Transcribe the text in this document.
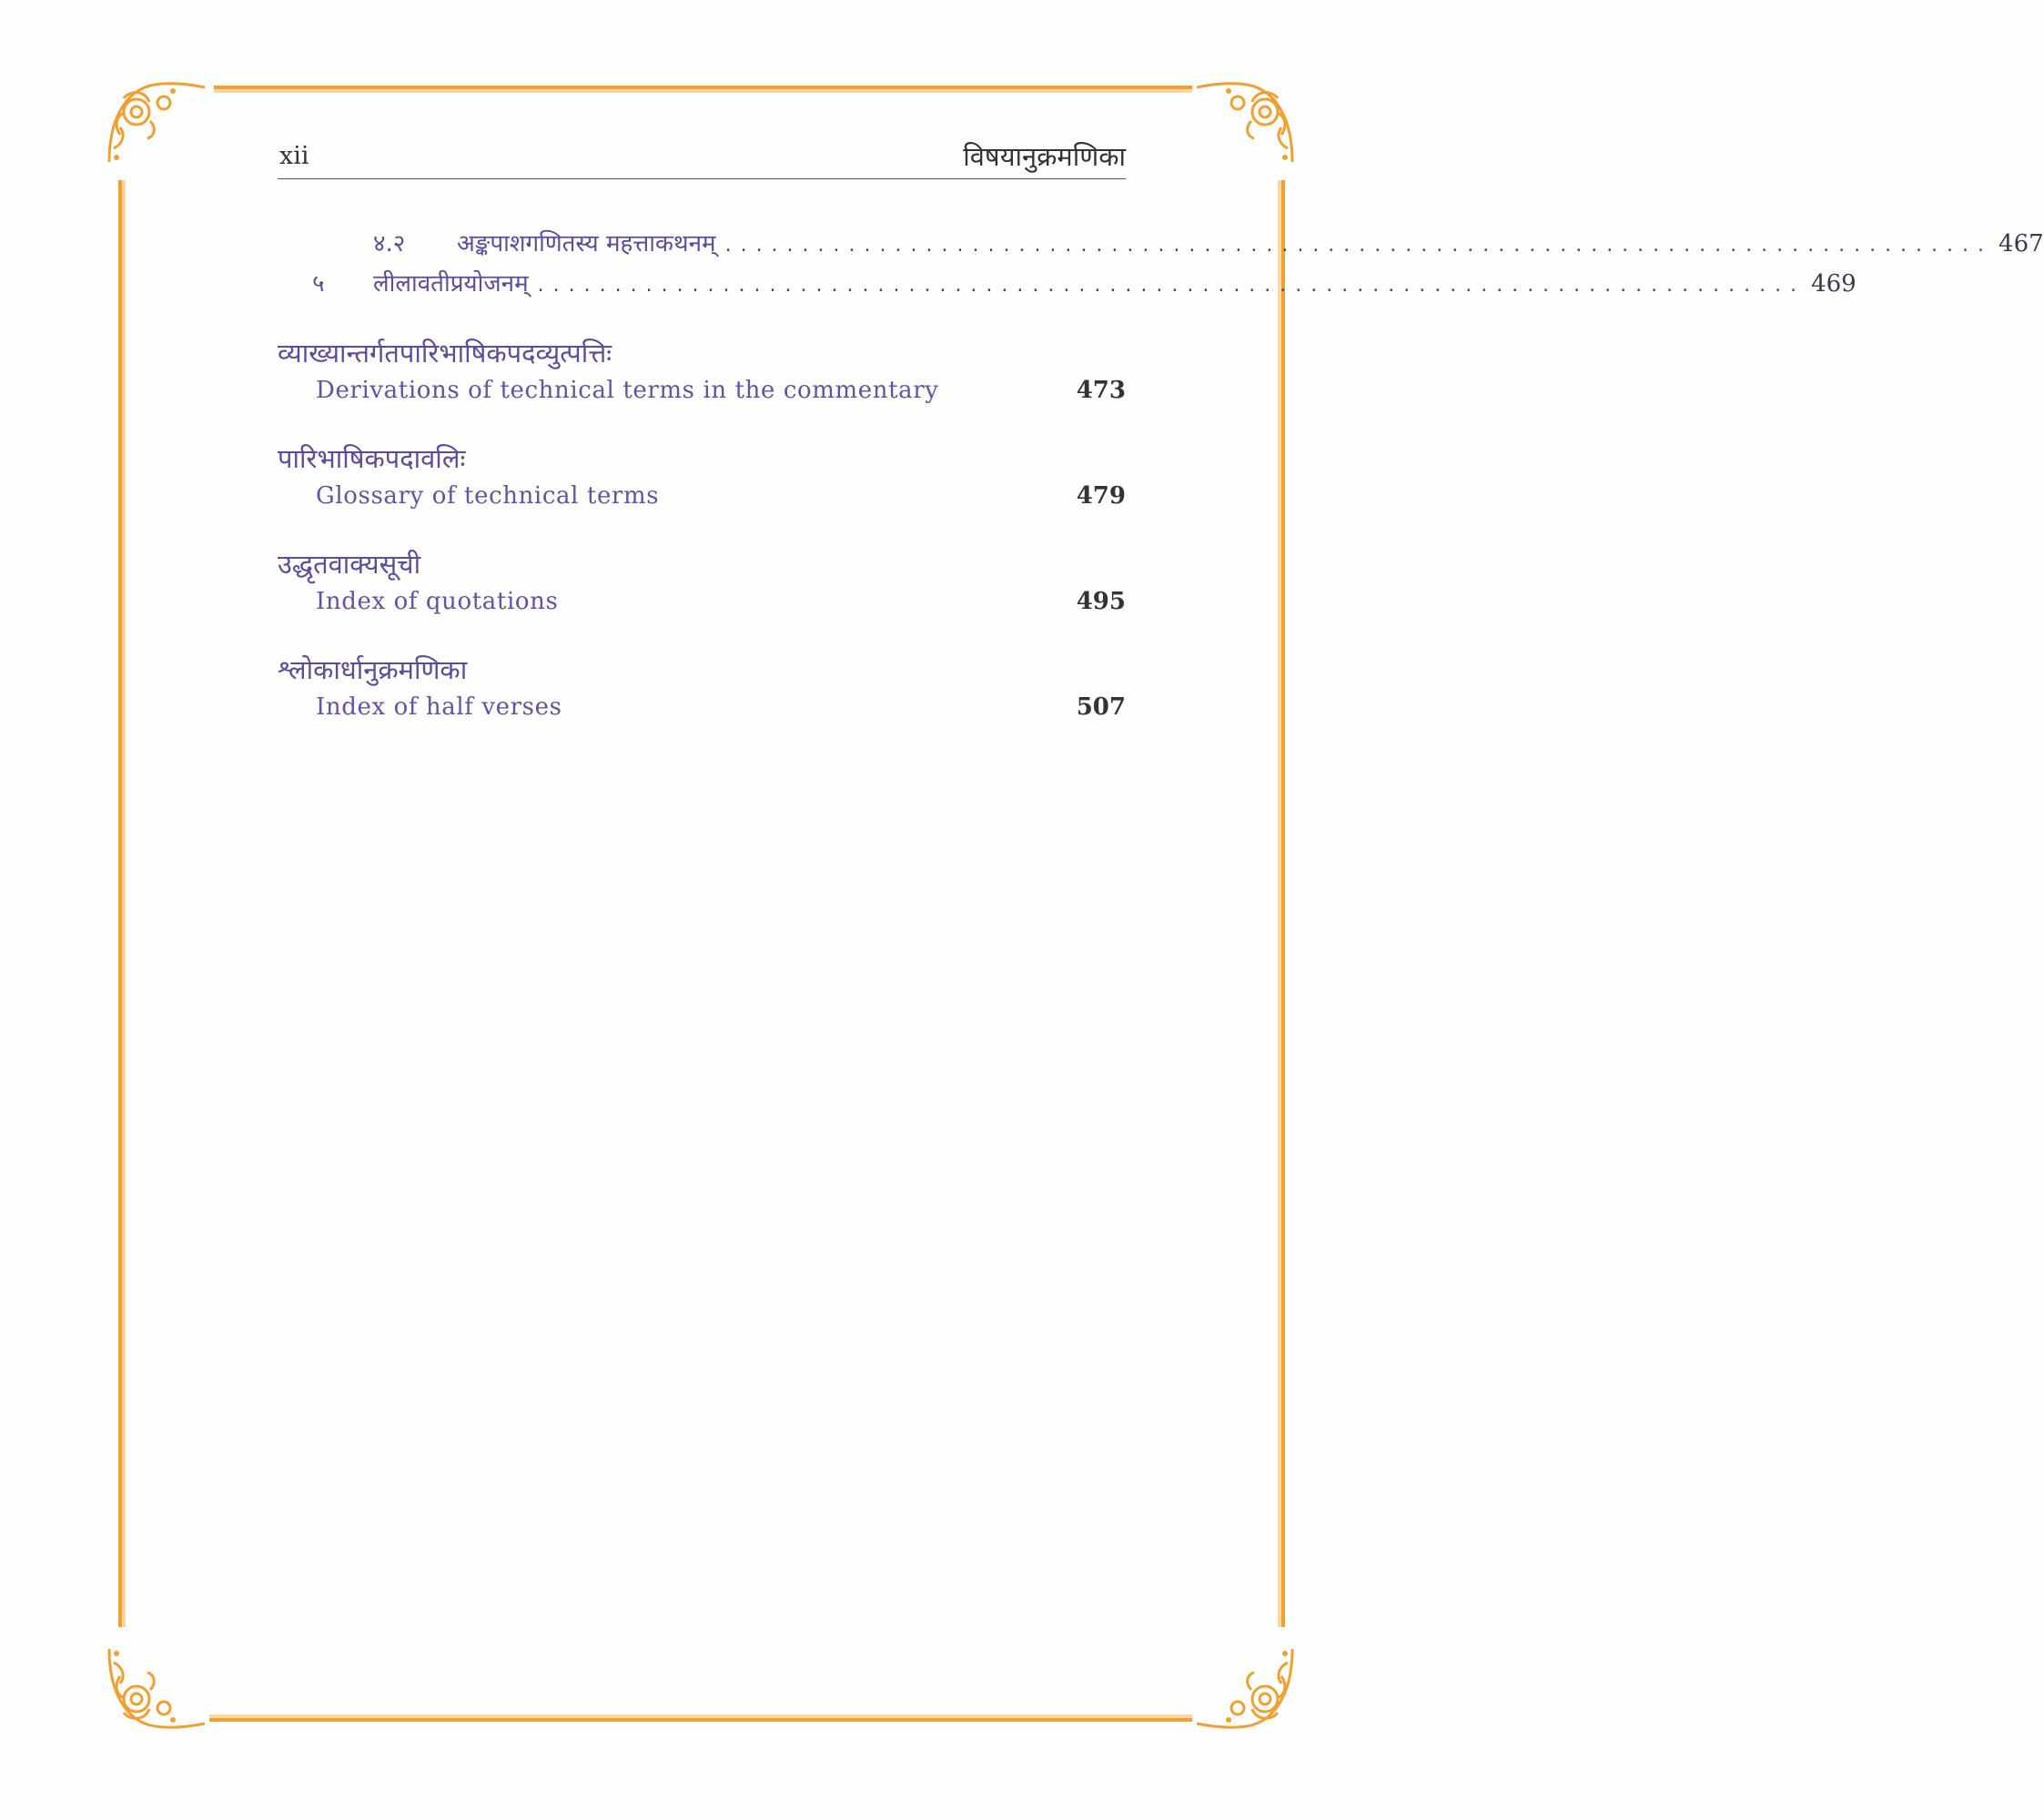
xii	विषयानुक्रमणिका
४.२	अङ्कपाशगणितस्य महत्ताकथनम् .................................................................................. 467
५	लीलावतीप्रयोजनम् .................................................................................. 469
व्याख्यान्तर्गतपारिभाषिकपदव्युत्पत्तिः
Derivations of technical terms in the commentary	473
पारिभाषिकपदावलिः
Glossary of technical terms	479
उद्धृतवाक्यसूची
Index of quotations	495
श्लोकार्धानुक्रमणिका
Index of half verses	507
